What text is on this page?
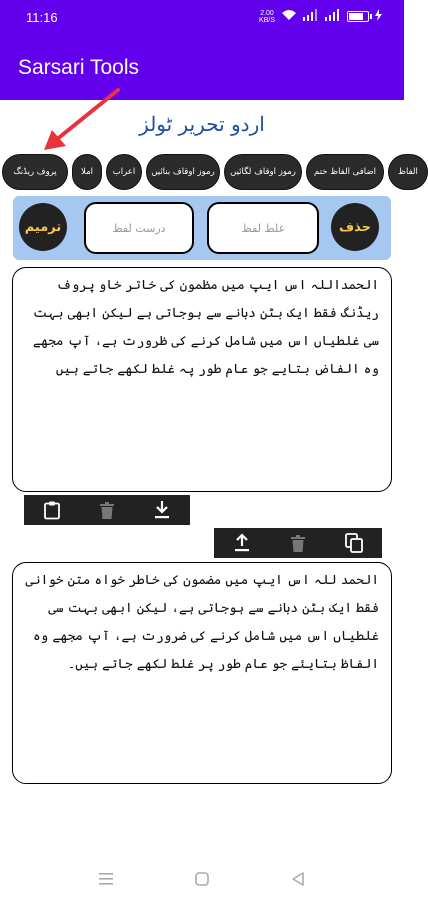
11:16	2.00
KB/S
Sarsari Tools
اردو تحریر ٹولز
پروف ریڈنگ	املا	اعراب	رموز اوقاف بنائیں	رموز اوقاف لگائیں	اضافی الفاظ ختم	الفاظ
ترمیم	درست لفظ	غلط لفظ	حذف
الحمداللہ اس ایپ میں مظمون کی خاتر خاو پروف ریڈنگ فقط ایک بٹن دبانے سے ہوجاتی ہے لیکن ابھی بہت سی غلطیاں اس میں شامل کرنے کی ظرورت ہے، آپ مجھے وہ الفاض بتایے جو عام طور پہ غلط لکھے جاتے ہیں
الحمد للہ اس ایپ میں مضمون کی خاطر خواہ متن خوانی فقط ایک بٹن دبانے سے ہوجاتی ہے، لیکن ابھی بہت سی غلطیاں اس میں شامل کرنے کی ضرورت ہے، آپ مجھے وہ الفاظ بتایئے جو عام طور پر غلط لکھے جاتے ہیں۔
